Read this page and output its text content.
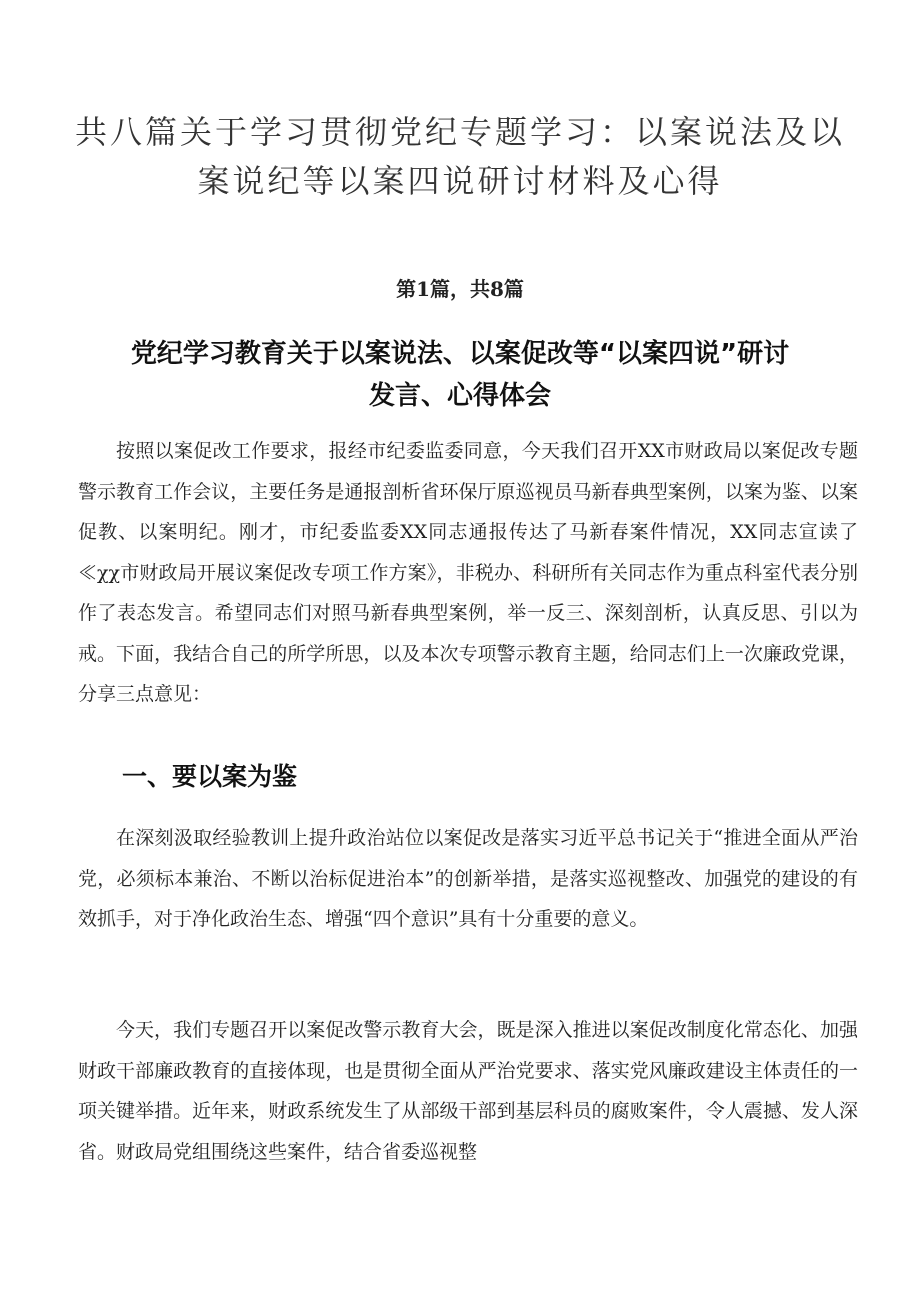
共八篇关于学习贯彻党纪专题学习：以案说法及以
案说纪等以案四说研讨材料及心得

第1篇，共8篇

党纪学习教育关于以案说法、以案促改等“以案四说”研讨
发言、心得体会

按照以案促改工作要求，报经市纪委监委同意，今天我们召开XX市财政局以案促改专题警示教育工作会议，主要任务是通报剖析省环保厅原巡视员马新春典型案例，以案为鉴、以案促教、以案明纪。刚才，市纪委监委XX同志通报传达了马新春案件情况，XX同志宣读了≪χχ市财政局开展议案促改专项工作方案》，非税办、科研所有关同志作为重点科室代表分别作了表态发言。希望同志们对照马新春典型案例，举一反三、深刻剖析，认真反思、引以为戒。下面，我结合自己的所学所思，以及本次专项警示教育主题，给同志们上一次廉政党课，分享三点意见：

一、要以案为鉴

在深刻汲取经验教训上提升政治站位以案促改是落实习近平总书记关于“推进全面从严治党，必须标本兼治、不断以治标促进治本”的创新举措，是落实巡视整改、加强党的建设的有效抓手，对于净化政治生态、增强“四个意识”具有十分重要的意义。

今天，我们专题召开以案促改警示教育大会，既是深入推进以案促改制度化常态化、加强财政干部廉政教育的直接体现，也是贯彻全面从严治党要求、落实党风廉政建设主体责任的一项关键举措。近年来，财政系统发生了从部级干部到基层科员的腐败案件，令人震撼、发人深省。财政局党组围绕这些案件，结合省委巡视整
